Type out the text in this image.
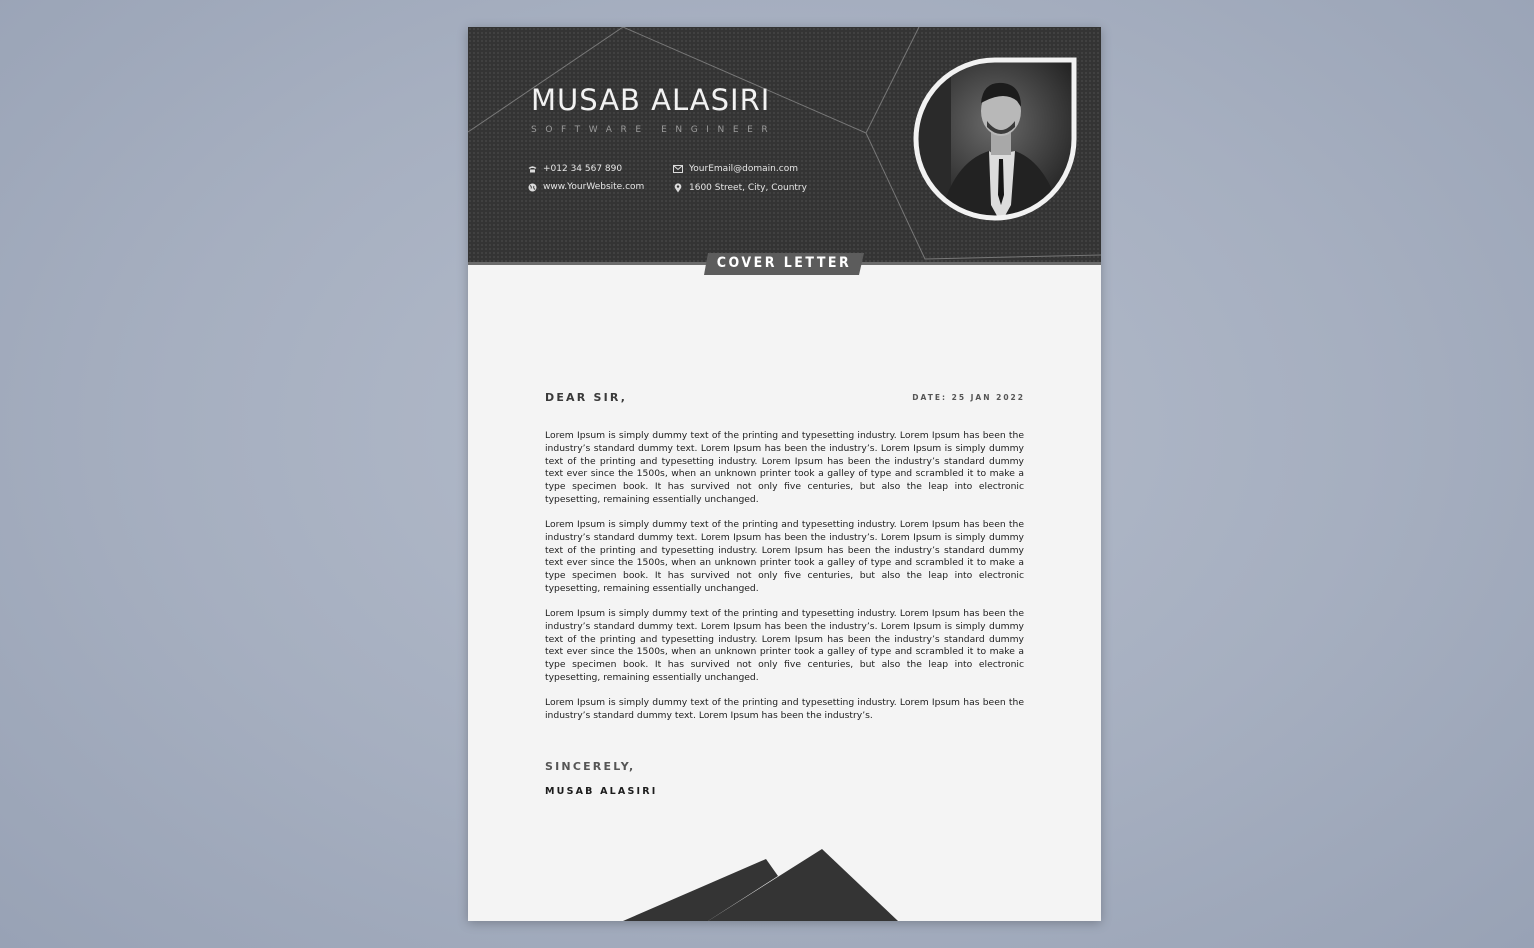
MUSAB ALASIRI
SOFTWARE ENGINEER
+012 34 567 890
www.YourWebsite.com
YourEmail@domain.com
1600 Street, City, Country
COVER LETTER
DEAR SIR,	DATE: 25 JAN 2022

Lorem Ipsum is simply dummy text of the printing and typesetting industry. Lorem Ipsum has been the industry’s standard dummy text. Lorem Ipsum has been the industry’s. Lorem Ipsum is simply dummy text of the printing and typesetting industry. Lorem Ipsum has been the industry’s standard dummy text ever since the 1500s, when an unknown printer took a galley of type and scrambled it to make a type specimen book. It has survived not only five centuries, but also the leap into electronic typesetting, remaining essentially unchanged.

Lorem Ipsum is simply dummy text of the printing and typesetting industry. Lorem Ipsum has been the industry’s standard dummy text. Lorem Ipsum has been the industry’s. Lorem Ipsum is simply dummy text of the printing and typesetting industry. Lorem Ipsum has been the industry’s standard dummy text ever since the 1500s, when an unknown printer took a galley of type and scrambled it to make a type specimen book. It has survived not only five centuries, but also the leap into electronic typesetting, remaining essentially unchanged.

Lorem Ipsum is simply dummy text of the printing and typesetting industry. Lorem Ipsum has been the industry’s standard dummy text. Lorem Ipsum has been the industry’s. Lorem Ipsum is simply dummy text of the printing and typesetting industry. Lorem Ipsum has been the industry’s standard dummy text ever since the 1500s, when an unknown printer took a galley of type and scrambled it to make a type specimen book. It has survived not only five centuries, but also the leap into electronic typesetting, remaining essentially unchanged.

Lorem Ipsum is simply dummy text of the printing and typesetting industry. Lorem Ipsum has been the industry’s standard dummy text. Lorem Ipsum has been the industry’s.

SINCERELY,
MUSAB ALASIRI
